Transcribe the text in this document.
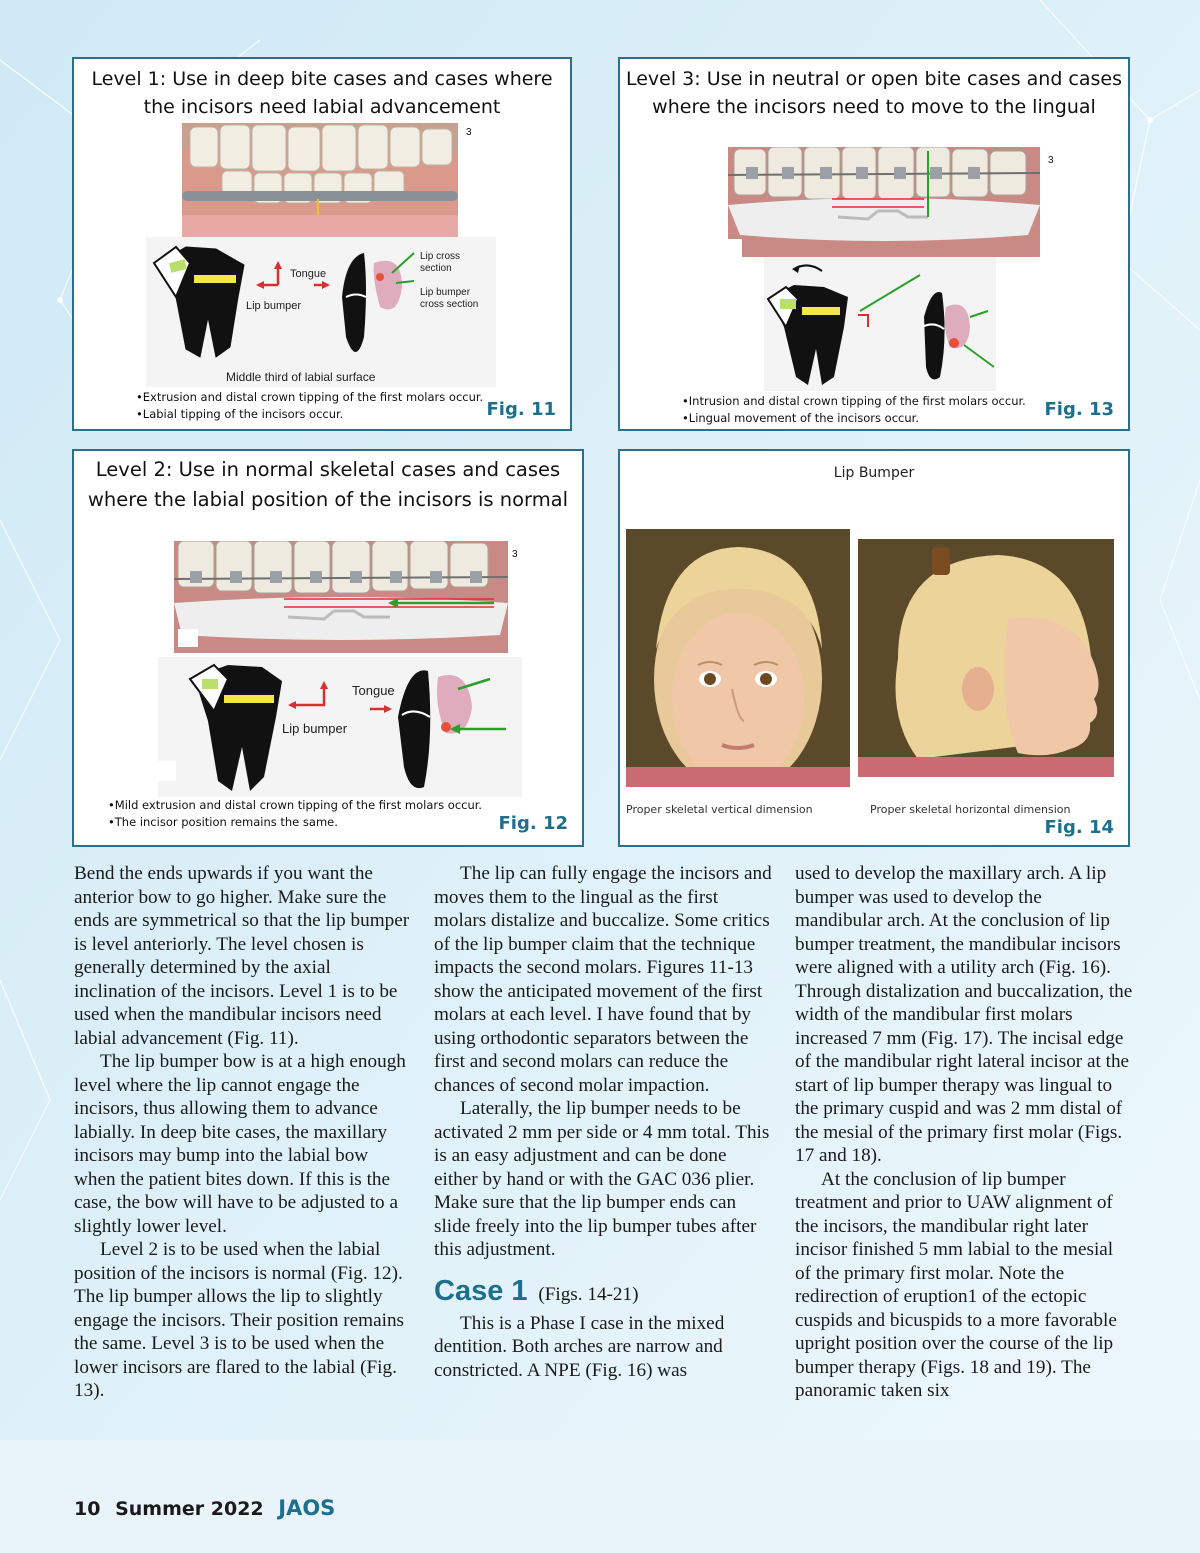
Level 1: Use in deep bite cases and cases where
the incisors need labial advancement
3
Tongue
Lip bumper
Lip cross
section
Lip bumper
cross section
Middle third of labial surface
•Extrusion and distal crown tipping of the first molars occur.
•Labial tipping of the incisors occur.	Fig. 11
Level 3: Use in neutral or open bite cases and cases
where the incisors need to move to the lingual
3
•Intrusion and distal crown tipping of the first molars occur.
•Lingual movement of the incisors occur.	Fig. 13
Level 2: Use in normal skeletal cases and cases
where the labial position of the incisors is normal
3
Tongue
Lip bumper
•Mild extrusion and distal crown tipping of the first molars occur.
•The incisor position remains the same.	Fig. 12
Lip Bumper
Proper skeletal vertical dimension	Proper skeletal horizontal dimension
Fig. 14

Bend the ends upwards if you want the anterior bow to go higher. Make sure the ends are symmetrical so that the lip bumper is level anteriorly. The level chosen is generally determined by the axial inclination of the incisors. Level 1 is to be used when the mandibular incisors need labial advancement (Fig. 11).

The lip bumper bow is at a high enough level where the lip cannot engage the incisors, thus allowing them to advance labially. In deep bite cases, the maxillary incisors may bump into the labial bow when the patient bites down. If this is the case, the bow will have to be adjusted to a slightly lower level.

Level 2 is to be used when the labial position of the incisors is normal (Fig. 12). The lip bumper allows the lip to slightly engage the incisors. Their position remains the same. Level 3 is to be used when the lower incisors are flared to the labial (Fig. 13).

The lip can fully engage the incisors and moves them to the lingual as the first molars distalize and buccalize. Some critics of the lip bumper claim that the technique impacts the second molars. Figures 11-13 show the anticipated movement of the first molars at each level. I have found that by using orthodontic separators between the first and second molars can reduce the chances of second molar impaction.

Laterally, the lip bumper needs to be activated 2 mm per side or 4 mm total. This is an easy adjustment and can be done either by hand or with the GAC 036 plier. Make sure that the lip bumper ends can slide freely into the lip bumper tubes after this adjustment.

Case 1 (Figs. 14-21)

This is a Phase I case in the mixed dentition. Both arches are narrow and constricted. A NPE (Fig. 16) was

used to develop the maxillary arch. A lip bumper was used to develop the mandibular arch. At the conclusion of lip bumper treatment, the mandibular incisors were aligned with a utility arch (Fig. 16). Through distalization and buccalization, the width of the mandibular first molars increased 7 mm (Fig. 17). The incisal edge of the mandibular right lateral incisor at the start of lip bumper therapy was lingual to the primary cuspid and was 2 mm distal of the mesial of the primary first molar (Figs. 17 and 18).

At the conclusion of lip bumper treatment and prior to UAW alignment of the incisors, the mandibular right later incisor finished 5 mm labial to the mesial of the primary first molar. Note the redirection of eruption1 of the ectopic cuspids and bicuspids to a more favorable upright position over the course of the lip bumper therapy (Figs. 18 and 19). The panoramic taken six

10 Summer 2022 JAOS
